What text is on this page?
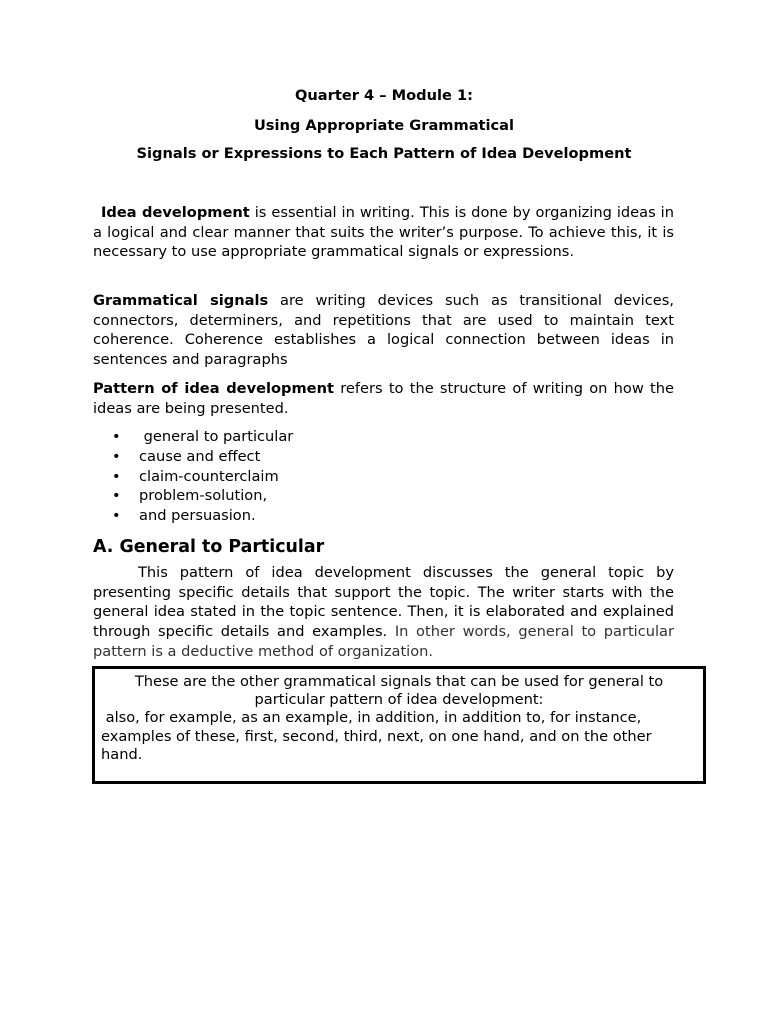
Quarter 4 – Module 1:
Using Appropriate Grammatical
Signals or Expressions to Each Pattern of Idea Development

Idea development is essential in writing. This is done by organizing ideas in a logical and clear manner that suits the writer’s purpose. To achieve this, it is necessary to use appropriate grammatical signals or expressions.

Grammatical signals are writing devices such as transitional devices, connectors, determiners, and repetitions that are used to maintain text coherence. Coherence establishes a logical connection between ideas in sentences and paragraphs

Pattern of idea development refers to the structure of writing on how the ideas are being presented.

• general to particular
• cause and effect
• claim-counterclaim
• problem-solution,
• and persuasion.
A. General to Particular

This pattern of idea development discusses the general topic by presenting specific details that support the topic. The writer starts with the general idea stated in the topic sentence. Then, it is elaborated and explained through specific details and examples. In other words, general to particular pattern is a deductive method of organization.

These are the other grammatical signals that can be used for general to particular pattern of idea development:
also, for example, as an example, in addition, in addition to, for instance, examples of these, first, second, third, next, on one hand, and on the other hand.
